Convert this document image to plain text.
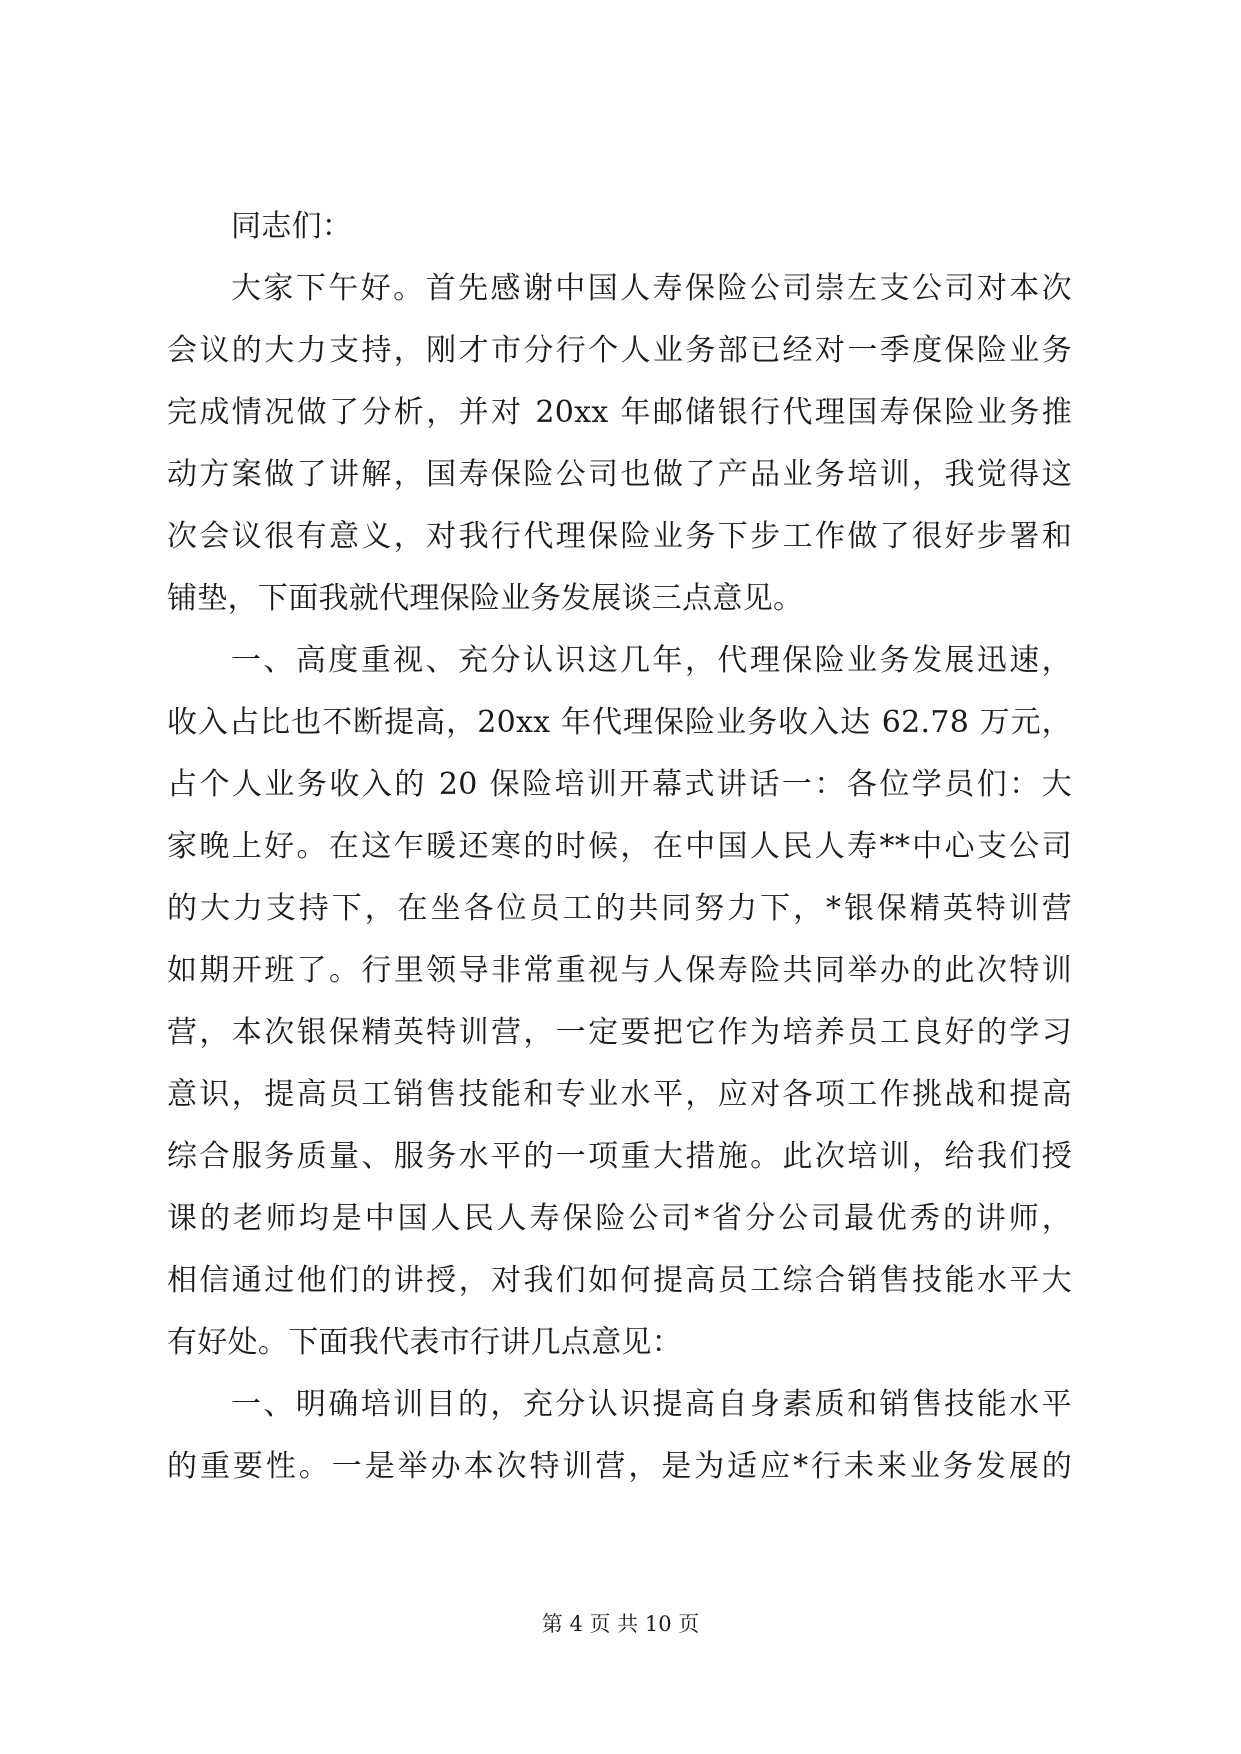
同志们：
大家下午好。首先感谢中国人寿保险公司崇左支公司对本次
会议的大力支持，刚才市分行个人业务部已经对一季度保险业务
完成情况做了分析，并对 20xx 年邮储银行代理国寿保险业务推
动方案做了讲解，国寿保险公司也做了产品业务培训，我觉得这
次会议很有意义，对我行代理保险业务下步工作做了很好步署和
铺垫，下面我就代理保险业务发展谈三点意见。
一、高度重视、充分认识这几年，代理保险业务发展迅速，
收入占比也不断提高，20xx 年代理保险业务收入达 62.78 万元，
占个人业务收入的 20 保险培训开幕式讲话一：各位学员们：大
家晚上好。在这乍暖还寒的时候，在中国人民人寿**中心支公司
的大力支持下，在坐各位员工的共同努力下，*银保精英特训营
如期开班了。行里领导非常重视与人保寿险共同举办的此次特训
营，本次银保精英特训营，一定要把它作为培养员工良好的学习
意识，提高员工销售技能和专业水平，应对各项工作挑战和提高
综合服务质量、服务水平的一项重大措施。此次培训，给我们授
课的老师均是中国人民人寿保险公司*省分公司最优秀的讲师，
相信通过他们的讲授，对我们如何提高员工综合销售技能水平大
有好处。下面我代表市行讲几点意见：
一、明确培训目的，充分认识提高自身素质和销售技能水平
的重要性。一是举办本次特训营，是为适应*行未来业务发展的
第 4 页 共 10 页
